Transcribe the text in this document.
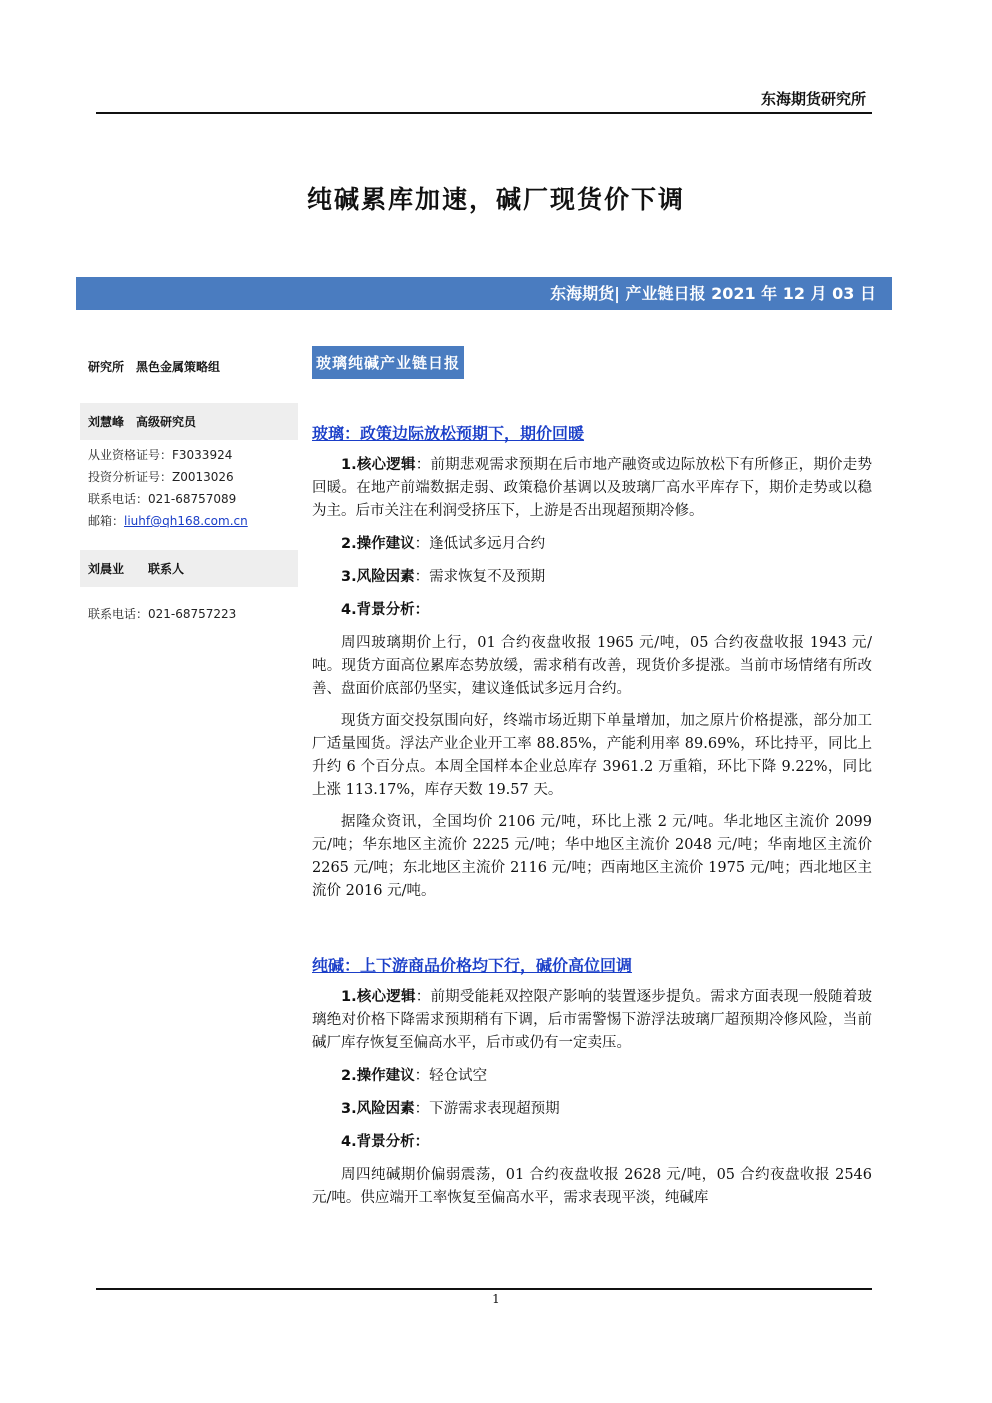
东海期货研究所
纯碱累库加速，碱厂现货价下调
东海期货| 产业链日报 2021 年 12 月 03 日
研究所　黑色金属策略组
刘慧峰　高级研究员
从业资格证号：F3033924
投资分析证号：Z0013026
联系电话：021-68757089
邮箱：liuhf@qh168.com.cn
刘晨业　　联系人
联系电话：021-68757223
玻璃纯碱产业链日报

玻璃：政策边际放松预期下，期价回暖

1.核心逻辑：前期悲观需求预期在后市地产融资或边际放松下有所修正，期价走势回暖。在地产前端数据走弱、政策稳价基调以及玻璃厂高水平库存下，期价走势或以稳为主。后市关注在利润受挤压下，上游是否出现超预期冷修。

2.操作建议：逢低试多远月合约

3.风险因素：需求恢复不及预期

4.背景分析：

周四玻璃期价上行，01 合约夜盘收报 1965 元/吨，05 合约夜盘收报 1943 元/吨。现货方面高位累库态势放缓，需求稍有改善，现货价多提涨。当前市场情绪有所改善、盘面价底部仍坚实，建议逢低试多远月合约。

现货方面交投氛围向好，终端市场近期下单量增加，加之原片价格提涨，部分加工厂适量囤货。浮法产业企业开工率 88.85%，产能利用率 89.69%，环比持平，同比上升约 6 个百分点。本周全国样本企业总库存 3961.2 万重箱，环比下降 9.22%，同比上涨 113.17%，库存天数 19.57 天。

据隆众资讯，全国均价 2106 元/吨，环比上涨 2 元/吨。华北地区主流价 2099 元/吨；华东地区主流价 2225 元/吨；华中地区主流价 2048 元/吨；华南地区主流价 2265 元/吨；东北地区主流价 2116 元/吨；西南地区主流价 1975 元/吨；西北地区主流价 2016 元/吨。

纯碱：上下游商品价格均下行，碱价高位回调

1.核心逻辑：前期受能耗双控限产影响的装置逐步提负。需求方面表现一般随着玻璃绝对价格下降需求预期稍有下调，后市需警惕下游浮法玻璃厂超预期冷修风险，当前碱厂库存恢复至偏高水平，后市或仍有一定卖压。

2.操作建议：轻仓试空

3.风险因素：下游需求表现超预期

4.背景分析：

周四纯碱期价偏弱震荡，01 合约夜盘收报 2628 元/吨，05 合约夜盘收报 2546 元/吨。供应端开工率恢复至偏高水平，需求表现平淡，纯碱库

1
